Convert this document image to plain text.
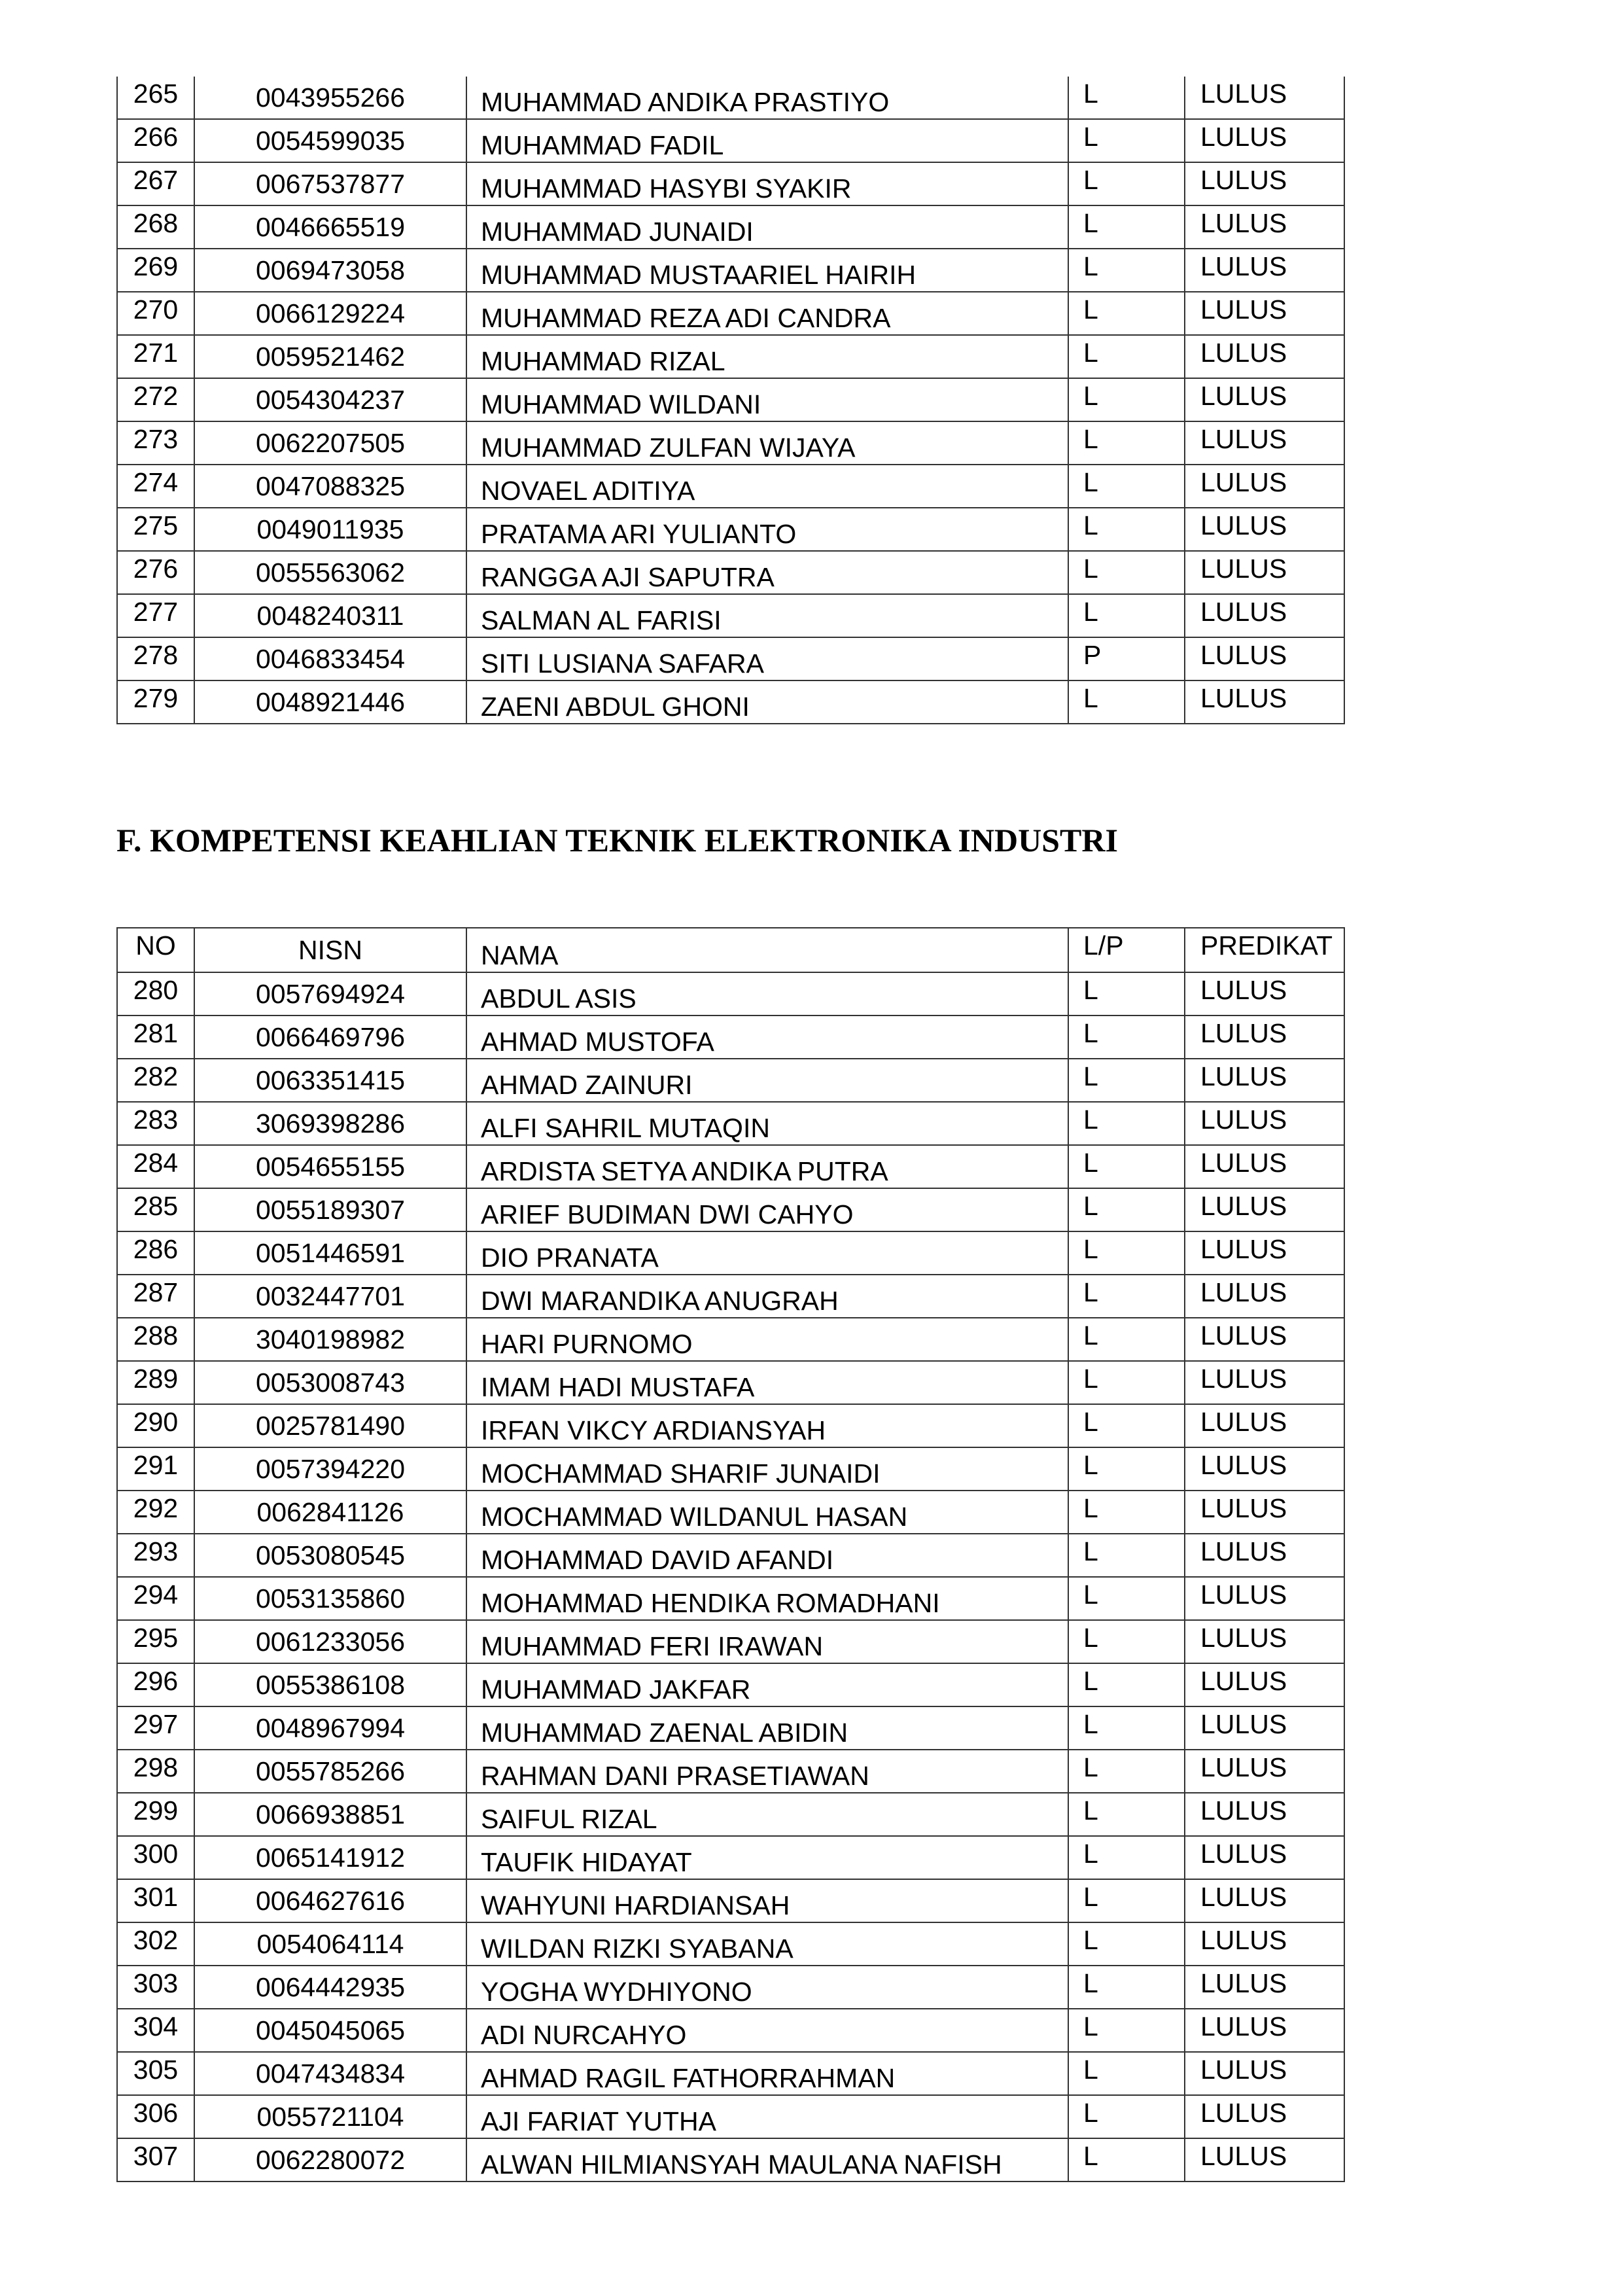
265	0043955266	MUHAMMAD ANDIKA PRASTIYO	L	LULUS
266	0054599035	MUHAMMAD FADIL	L	LULUS
267	0067537877	MUHAMMAD HASYBI SYAKIR	L	LULUS
268	0046665519	MUHAMMAD JUNAIDI	L	LULUS
269	0069473058	MUHAMMAD MUSTAARIEL HAIRIH	L	LULUS
270	0066129224	MUHAMMAD REZA ADI CANDRA	L	LULUS
271	0059521462	MUHAMMAD RIZAL	L	LULUS
272	0054304237	MUHAMMAD WILDANI	L	LULUS
273	0062207505	MUHAMMAD ZULFAN WIJAYA	L	LULUS
274	0047088325	NOVAEL ADITIYA	L	LULUS
275	0049011935	PRATAMA ARI YULIANTO	L	LULUS
276	0055563062	RANGGA AJI SAPUTRA	L	LULUS
277	0048240311	SALMAN AL FARISI	L	LULUS
278	0046833454	SITI LUSIANA SAFARA	P	LULUS
279	0048921446	ZAENI ABDUL GHONI	L	LULUS
F. KOMPETENSI KEAHLIAN TEKNIK ELEKTRONIKA INDUSTRI
NO	NISN	NAMA	L/P	PREDIKAT
280	0057694924	ABDUL ASIS	L	LULUS
281	0066469796	AHMAD MUSTOFA	L	LULUS
282	0063351415	AHMAD ZAINURI	L	LULUS
283	3069398286	ALFI SAHRIL MUTAQIN	L	LULUS
284	0054655155	ARDISTA SETYA ANDIKA PUTRA	L	LULUS
285	0055189307	ARIEF BUDIMAN DWI CAHYO	L	LULUS
286	0051446591	DIO PRANATA	L	LULUS
287	0032447701	DWI MARANDIKA ANUGRAH	L	LULUS
288	3040198982	HARI PURNOMO	L	LULUS
289	0053008743	IMAM HADI MUSTAFA	L	LULUS
290	0025781490	IRFAN VIKCY ARDIANSYAH	L	LULUS
291	0057394220	MOCHAMMAD SHARIF JUNAIDI	L	LULUS
292	0062841126	MOCHAMMAD WILDANUL HASAN	L	LULUS
293	0053080545	MOHAMMAD DAVID AFANDI	L	LULUS
294	0053135860	MOHAMMAD HENDIKA ROMADHANI	L	LULUS
295	0061233056	MUHAMMAD FERI IRAWAN	L	LULUS
296	0055386108	MUHAMMAD JAKFAR	L	LULUS
297	0048967994	MUHAMMAD ZAENAL ABIDIN	L	LULUS
298	0055785266	RAHMAN DANI PRASETIAWAN	L	LULUS
299	0066938851	SAIFUL RIZAL	L	LULUS
300	0065141912	TAUFIK HIDAYAT	L	LULUS
301	0064627616	WAHYUNI HARDIANSAH	L	LULUS
302	0054064114	WILDAN RIZKI SYABANA	L	LULUS
303	0064442935	YOGHA WYDHIYONO	L	LULUS
304	0045045065	ADI NURCAHYO	L	LULUS
305	0047434834	AHMAD RAGIL FATHORRAHMAN	L	LULUS
306	0055721104	AJI FARIAT YUTHA	L	LULUS
307	0062280072	ALWAN HILMIANSYAH MAULANA NAFISH	L	LULUS
